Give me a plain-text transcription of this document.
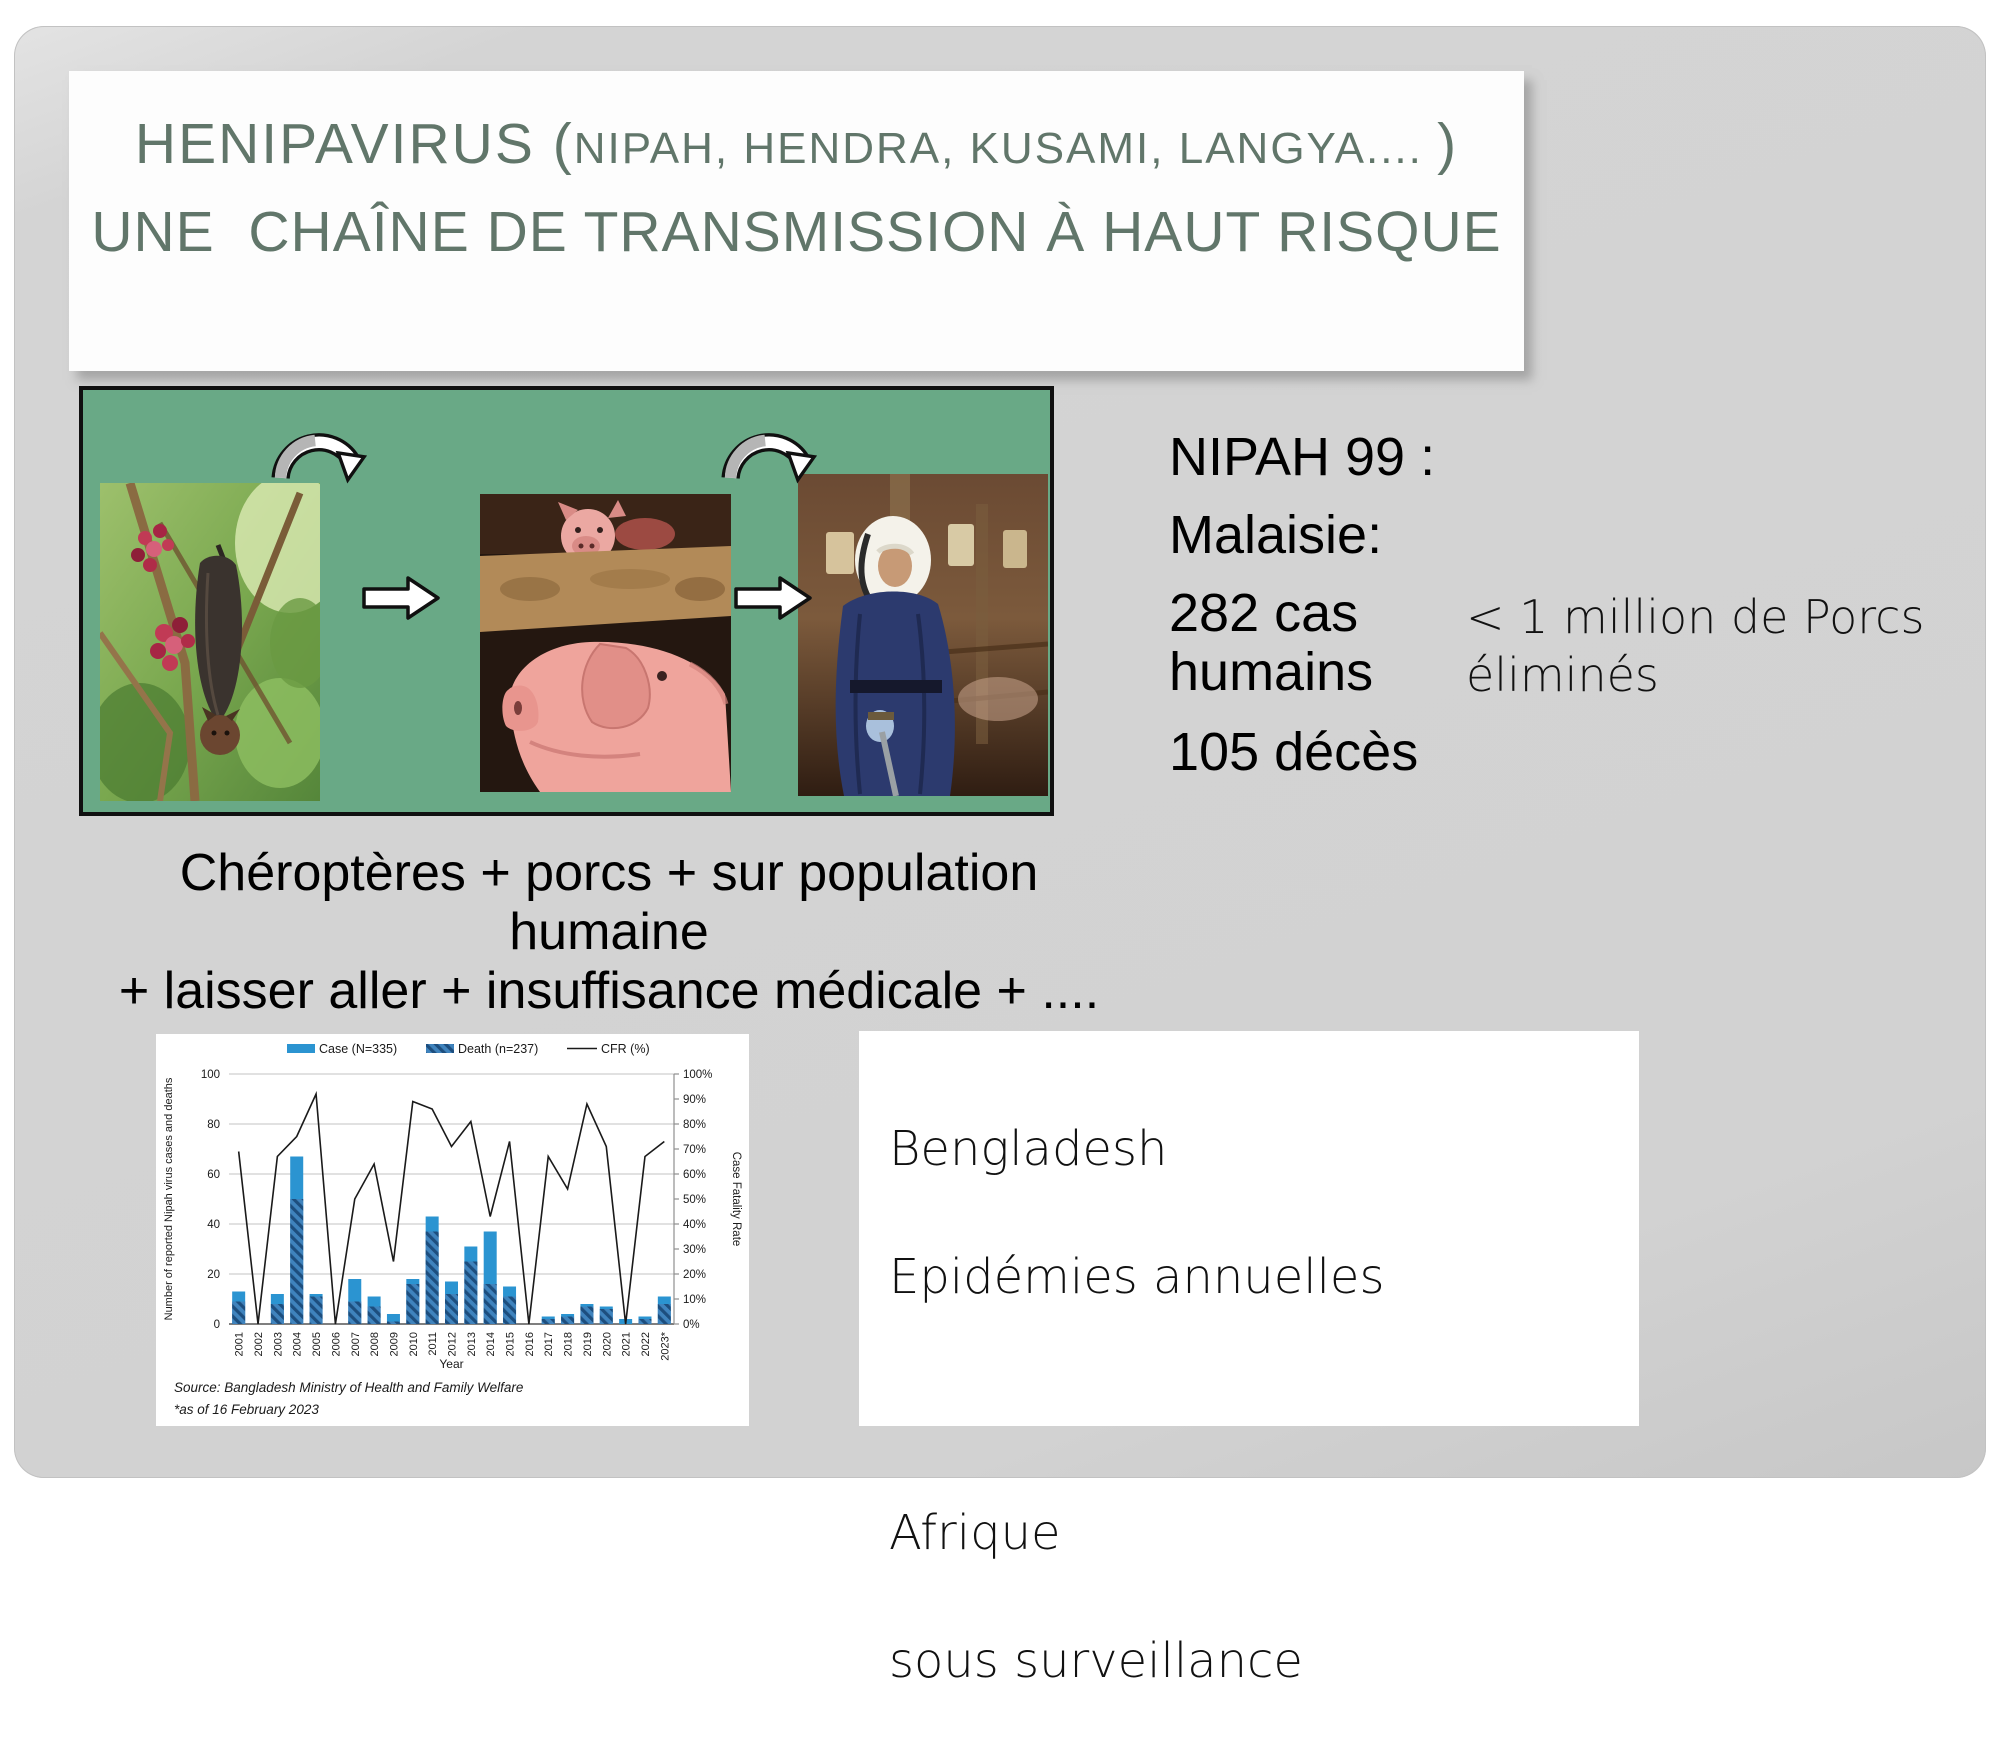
HENIPAVIRUS (NIPAH, HENDRA, KUSAMI, LANGYA.... )
UNE  CHAÎNE DE TRANSMISSION À HAUT RISQUE
NIPAH 99 :
Malaisie:
282 cas
humains
105 décès
< 1 million de Porcs
éliminés
Chéroptères + porcs + sur population
humaine
+ laisser aller + insuffisance médicale + ....
0
20
40
60
80
100
0%
10%
20%
30%
40%
50%
60%
70%
80%
90%
100%
2001 2002 2003 2004 2005 2006 2007 2008 2009 2010 2011 2012 2013 2014 2015 2016 2017 2018 2019 2020 2021 2022 2023*
Year
Number of reported Nipah virus cases and deaths	Case Fatality Rate
Case (N=335)	Death (n=237)	CFR (%)
Source: Bangladesh Ministry of Health and Family Welfare
*as of 16 February 2023

Bengladesh

Epidémies annuelles

Afrique

sous surveillance
